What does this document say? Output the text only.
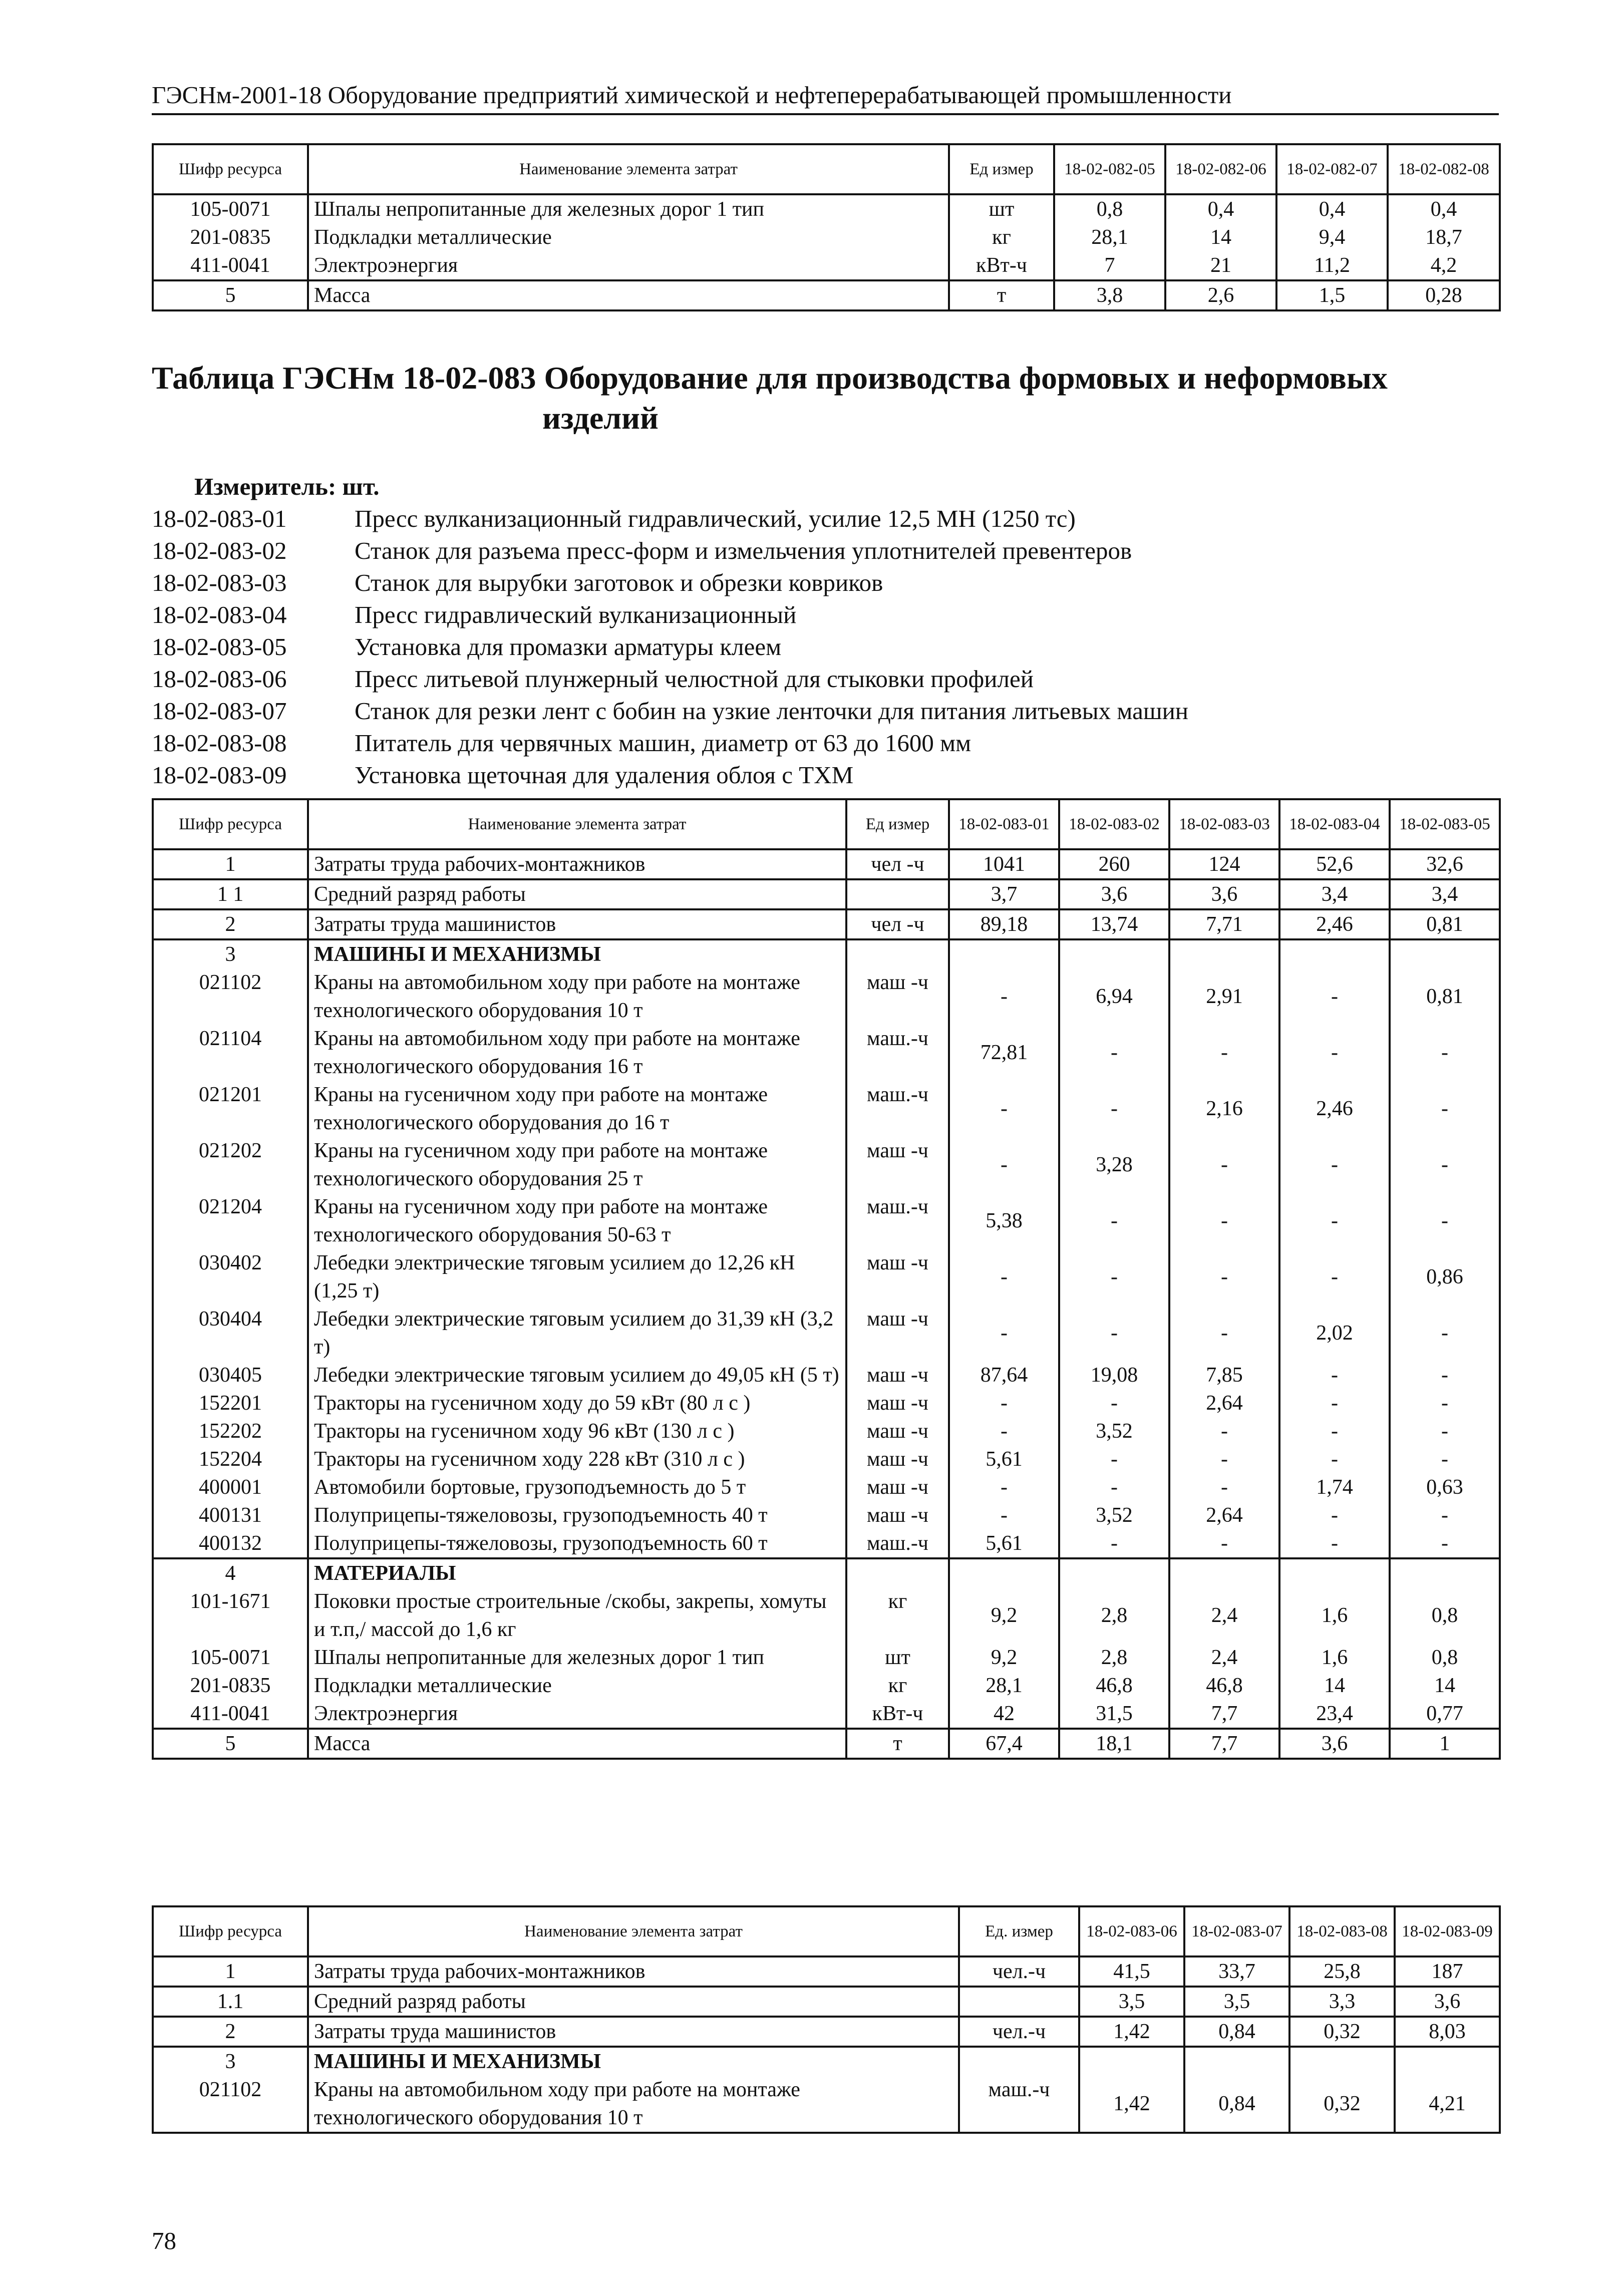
ГЭСНм-2001-18 Оборудование предприятий химической и нефтеперерабатывающей промышленности
Шифр ресурса	Наименование элемента затрат	Ед измер	18-02-082-05	18-02-082-06	18-02-082-07	18-02-082-08
105-0071	Шпалы непропитанные для железных дорог 1 тип	шт	0,8	0,4	0,4	0,4
201-0835	Подкладки металлические	кг	28,1	14	9,4	18,7
411-0041	Электроэнергия	кВт-ч	7	21	11,2	4,2
5	Масса	т	3,8	2,6	1,5	0,28
Таблица ГЭСНм 18-02-083 Оборудование для производства формовых и неформовых
изделий
Измеритель: шт.
18-02-083-01	Пресс вулканизационный гидравлический, усилие 12,5 МН (1250 тс)
18-02-083-02	Станок для разъема пресс-форм и измельчения уплотнителей превентеров
18-02-083-03	Станок для вырубки заготовок и обрезки ковриков
18-02-083-04	Пресс гидравлический вулканизационный
18-02-083-05	Установка для промазки арматуры клеем
18-02-083-06	Пресс литьевой плунжерный челюстной для стыковки профилей
18-02-083-07	Станок для резки лент с бобин на узкие ленточки для питания литьевых машин
18-02-083-08	Питатель для червячных машин, диаметр от 63 до 1600 мм
18-02-083-09	Установка щеточная для удаления облоя с ТХМ
Шифр ресурса	Наименование элемента затрат	Ед измер	18-02-083-01	18-02-083-02	18-02-083-03	18-02-083-04	18-02-083-05
1	Затраты труда рабочих-монтажников	чел -ч	1041	260	124	52,6	32,6
1 1	Средний разряд работы		3,7	3,6	3,6	3,4	3,4
2	Затраты труда машинистов	чел -ч	89,18	13,74	7,71	2,46	0,81
3	МАШИНЫ И МЕХАНИЗМЫ						
021102	Краны на автомобильном ходу при работе на монтаже технологического оборудования 10 т	маш -ч	-	6,94	2,91	-	0,81
021104	Краны на автомобильном ходу при работе на монтаже технологического оборудования 16 т	маш.-ч	72,81	-	-	-	-
021201	Краны на гусеничном ходу при работе на монтаже технологического оборудования до 16 т	маш.-ч	-	-	2,16	2,46	-
021202	Краны на гусеничном ходу при работе на монтаже технологического оборудования 25 т	маш -ч	-	3,28	-	-	-
021204	Краны на гусеничном ходу при работе на монтаже технологического оборудования 50-63 т	маш.-ч	5,38	-	-	-	-
030402	Лебедки электрические тяговым усилием до 12,26 кН (1,25 т)	маш -ч	-	-	-	-	0,86
030404	Лебедки электрические тяговым усилием до 31,39 кН (3,2 т)	маш -ч	-	-	-	2,02	-
030405	Лебедки электрические тяговым усилием до 49,05 кН (5 т)	маш -ч	87,64	19,08	7,85	-	-
152201	Тракторы на гусеничном ходу до 59 кВт (80 л с )	маш -ч	-	-	2,64	-	-
152202	Тракторы на гусеничном ходу 96 кВт (130 л с )	маш -ч	-	3,52	-	-	-
152204	Тракторы на гусеничном ходу 228 кВт (310 л с )	маш -ч	5,61	-	-	-	-
400001	Автомобили бортовые, грузоподъемность до 5 т	маш -ч	-	-	-	1,74	0,63
400131	Полуприцепы-тяжеловозы, грузоподъемность 40 т	маш -ч	-	3,52	2,64	-	-
400132	Полуприцепы-тяжеловозы, грузоподъемность 60 т	маш.-ч	5,61	-	-	-	-
4	МАТЕРИАЛЫ						
101-1671	Поковки простые строительные /скобы, закрепы, хомуты и т.п,/ массой до 1,6 кг	кг	9,2	2,8	2,4	1,6	0,8
105-0071	Шпалы непропитанные для железных дорог 1 тип	шт	9,2	2,8	2,4	1,6	0,8
201-0835	Подкладки металлические	кг	28,1	46,8	46,8	14	14
411-0041	Электроэнергия	кВт-ч	42	31,5	7,7	23,4	0,77
5	Масса	т	67,4	18,1	7,7	3,6	1
Шифр ресурса	Наименование элемента затрат	Ед. измер	18-02-083-06	18-02-083-07	18-02-083-08	18-02-083-09
1	Затраты труда рабочих-монтажников	чел.-ч	41,5	33,7	25,8	187
1.1	Средний разряд работы		3,5	3,5	3,3	3,6
2	Затраты труда машинистов	чел.-ч	1,42	0,84	0,32	8,03
3	МАШИНЫ И МЕХАНИЗМЫ					
021102	Краны на автомобильном ходу при работе на монтаже технологического оборудования 10 т	маш.-ч	1,42	0,84	0,32	4,21
78
